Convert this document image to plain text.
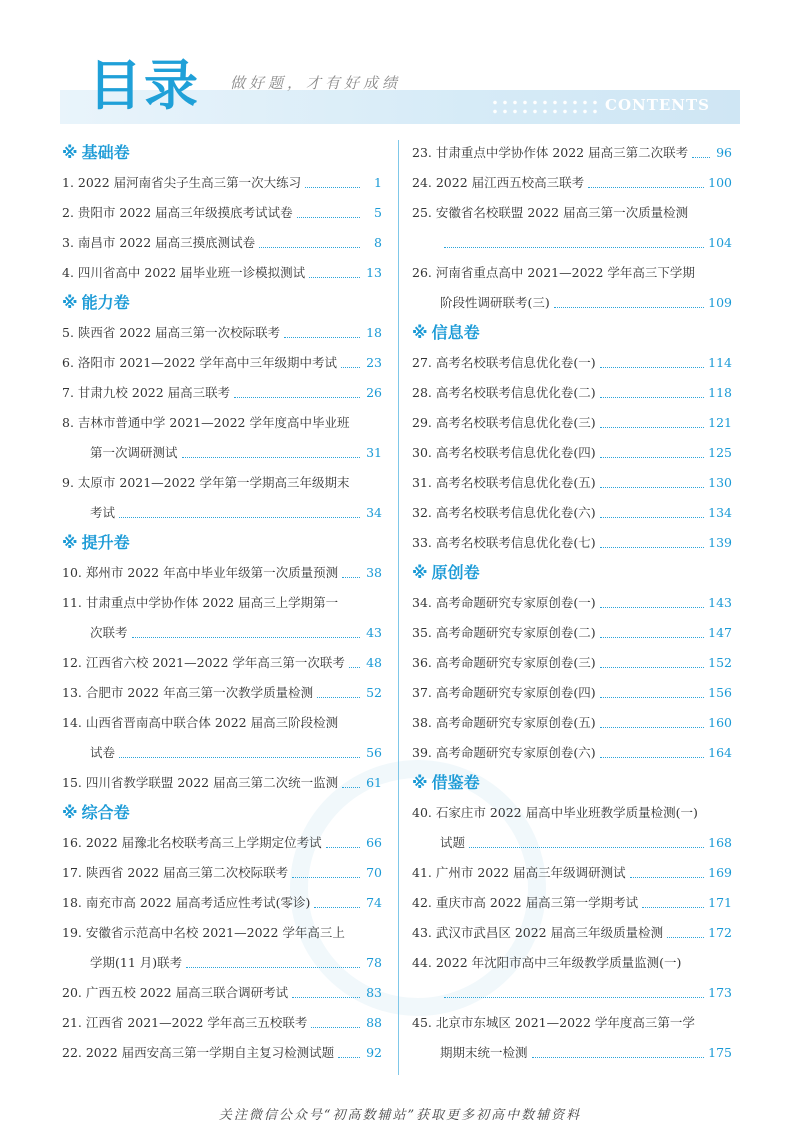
CONTENTS
目录 做好题，才有好成绩
※ 基础卷
1. 2022 届河南省尖子生高三第一次大练习	1
2. 贵阳市 2022 届高三年级摸底考试试卷	5
3. 南昌市 2022 届高三摸底测试卷	8
4. 四川省高中 2022 届毕业班一诊模拟测试	13
※ 能力卷
5. 陕西省 2022 届高三第一次校际联考	18
6. 洛阳市 2021—2022 学年高中三年级期中考试 23
7. 甘肃九校 2022 届高三联考	26
8. 吉林市普通中学 2021—2022 学年度高中毕业班
第一次调研测试	31
9. 太原市 2021—2022 学年第一学期高三年级期末
考试	34
※ 提升卷
10. 郑州市 2022 年高中毕业年级第一次质量预测 38
11. 甘肃重点中学协作体 2022 届高三上学期第一
次联考	43
12. 江西省六校 2021—2022 学年高三第一次联考 48
13. 合肥市 2022 年高三第一次教学质量检测	52
14. 山西省晋南高中联合体 2022 届高三阶段检测
试卷	56
15. 四川省教学联盟 2022 届高三第二次统一监测 61
※ 综合卷
16. 2022 届豫北名校联考高三上学期定位考试	66
17. 陕西省 2022 届高三第二次校际联考	70
18. 南充市高 2022 届高考适应性考试(零诊)	74
19. 安徽省示范高中名校 2021—2022 学年高三上
学期(11 月)联考	78
20. 广西五校 2022 届高三联合调研考试	83
21. 江西省 2021—2022 学年高三五校联考	88
22. 2022 届西安高三第一学期自主复习检测试题	92
23. 甘肃重点中学协作体 2022 届高三第二次联考 96
24. 2022 届江西五校高三联考	100
25. 安徽省名校联盟 2022 届高三第一次质量检测
104
26. 河南省重点高中 2021—2022 学年高三下学期
阶段性调研联考(三)	109
※ 信息卷
27. 高考名校联考信息优化卷(一)	114
28. 高考名校联考信息优化卷(二)	118
29. 高考名校联考信息优化卷(三)	121
30. 高考名校联考信息优化卷(四)	125
31. 高考名校联考信息优化卷(五)	130
32. 高考名校联考信息优化卷(六)	134
33. 高考名校联考信息优化卷(七)	139
※ 原创卷
34. 高考命题研究专家原创卷(一)	143
35. 高考命题研究专家原创卷(二)	147
36. 高考命题研究专家原创卷(三)	152
37. 高考命题研究专家原创卷(四)	156
38. 高考命题研究专家原创卷(五)	160
39. 高考命题研究专家原创卷(六)	164
※ 借鉴卷
40. 石家庄市 2022 届高中毕业班教学质量检测(一)
试题	168
41. 广州市 2022 届高三年级调研测试	169
42. 重庆市高 2022 届高三第一学期考试	171
43. 武汉市武昌区 2022 届高三年级质量检测	172
44. 2022 年沈阳市高中三年级教学质量监测(一)
173
45. 北京市东城区 2021—2022 学年度高三第一学
期期末统一检测	175
关注微信公众号“初高数辅站”获取更多初高中数辅资料
